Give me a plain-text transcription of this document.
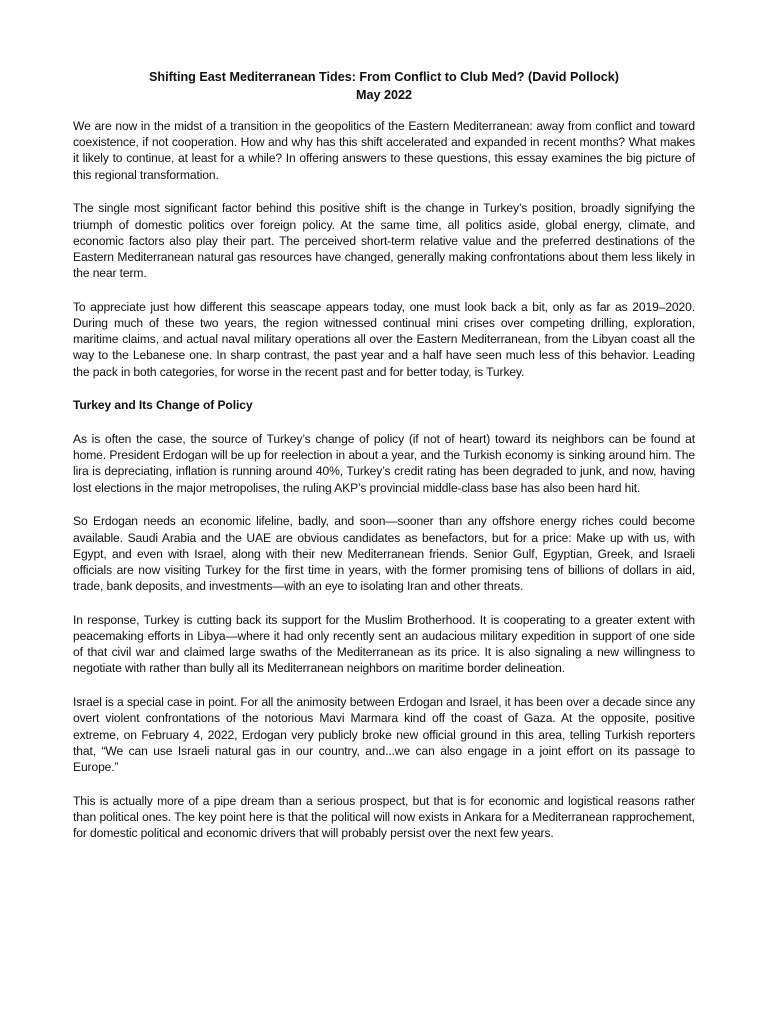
Shifting East Mediterranean Tides: From Conflict to Club Med? (David Pollock)
May 2022

We are now in the midst of a transition in the geopolitics of the Eastern Mediterranean: away from conflict and toward coexistence, if not cooperation. How and why has this shift accelerated and expanded in recent months? What makes it likely to continue, at least for a while? In offering answers to these questions, this essay examines the big picture of this regional transformation.

The single most significant factor behind this positive shift is the change in Turkey’s position, broadly signifying the triumph of domestic politics over foreign policy. At the same time, all politics aside, global energy, climate, and economic factors also play their part. The perceived short-term relative value and the preferred destinations of the Eastern Mediterranean natural gas resources have changed, generally making confrontations about them less likely in the near term.

To appreciate just how different this seascape appears today, one must look back a bit, only as far as 2019–2020. During much of these two years, the region witnessed continual mini crises over competing drilling, exploration, maritime claims, and actual naval military operations all over the Eastern Mediterranean, from the Libyan coast all the way to the Lebanese one. In sharp contrast, the past year and a half have seen much less of this behavior. Leading the pack in both categories, for worse in the recent past and for better today, is Turkey.

Turkey and Its Change of Policy

As is often the case, the source of Turkey’s change of policy (if not of heart) toward its neighbors can be found at home. President Erdogan will be up for reelection in about a year, and the Turkish economy is sinking around him. The lira is depreciating, inflation is running around 40%, Turkey’s credit rating has been degraded to junk, and now, having lost elections in the major metropolises, the ruling AKP’s provincial middle-class base has also been hard hit.

So Erdogan needs an economic lifeline, badly, and soon—sooner than any offshore energy riches could become available. Saudi Arabia and the UAE are obvious candidates as benefactors, but for a price: Make up with us, with Egypt, and even with Israel, along with their new Mediterranean friends. Senior Gulf, Egyptian, Greek, and Israeli officials are now visiting Turkey for the first time in years, with the former promising tens of billions of dollars in aid, trade, bank deposits, and investments—with an eye to isolating Iran and other threats.

In response, Turkey is cutting back its support for the Muslim Brotherhood. It is cooperating to a greater extent with peacemaking efforts in Libya—where it had only recently sent an audacious military expedition in support of one side of that civil war and claimed large swaths of the Mediterranean as its price. It is also signaling a new willingness to negotiate with rather than bully all its Mediterranean neighbors on maritime border delineation.

Israel is a special case in point. For all the animosity between Erdogan and Israel, it has been over a decade since any overt violent confrontations of the notorious Mavi Marmara kind off the coast of Gaza. At the opposite, positive extreme, on February 4, 2022, Erdogan very publicly broke new official ground in this area, telling Turkish reporters that, “We can use Israeli natural gas in our country, and...we can also engage in a joint effort on its passage to Europe.”

This is actually more of a pipe dream than a serious prospect, but that is for economic and logistical reasons rather than political ones. The key point here is that the political will now exists in Ankara for a Mediterranean rapprochement, for domestic political and economic drivers that will probably persist over the next few years.
